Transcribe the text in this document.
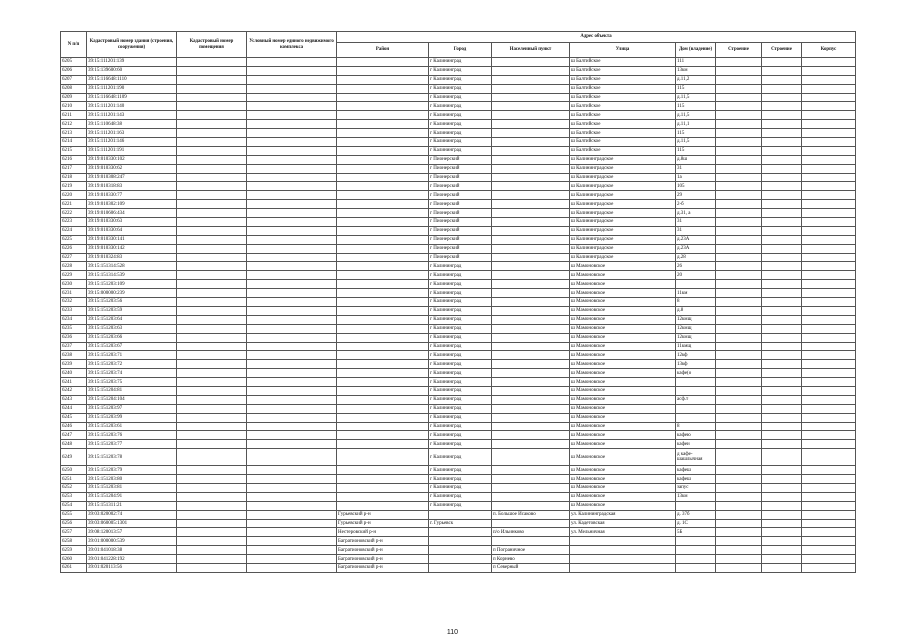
N п/п	Кадастровый номер здания (строения, сооружения)	Кадастровый номер помещения	Условный номер единого недвижимого комплекса	Адрес объекта							
				Район	Город	Населенный пункт	Улица	Дом (владение)	Строение	Строение	Корпус
6205	39:15:111201:139				г Калининград		ш Балтийское	111			
6206	39:15:139600:60				г Калининград		ш Балтийское	13км			
6207	39:15:116648:1110				г Калининград		ш Балтийское	д.11,2			
6208	39:15:111201:190				г Калининград		ш Балтийское	115			
6209	39:15:116648:1109				г Калининград		ш Балтийское	д.11,5			
6210	39:15:111201:140				г Калининград		ш Балтийское	115			
6211	39:15:111201:143				г Калининград		ш Балтийское	д.11,5			
6212	39:15:110648:38				г Калининград		ш Балтийское	д.11,1			
6213	39:15:111201:163				г Калининград		ш Балтийское	115			
6214	39:15:111201:146				г Калининград		ш Балтийское	д.11,5			
6215	39:15:111201:191				г Калининград		ш Балтийское	115			
6216	39:19:010330:102				г Пионерский		ш Калининградское	д.8ш			
6217	39:19:010330:62				г Пионерский		ш Калининградское	31			
6218	39:19:010308:247				г Пионерский		ш Калининградское	1а			
6219	39:19:010318:83				г Пионерский		ш Калининградское	105			
6220	39:19:010330:77				г Пионерский		ш Калининградское	29			
6221	39:19:010302:109				г Пионерский		ш Калининградское	2-б			
6222	39:19:010606:434				г Пионерский		ш Калининградское	д.31, а			
6223	39:19:010330:63				г Пионерский		ш Калининградское	31			
6224	39:19:010330:64				г Пионерский		ш Калининградское	31			
6225	39:19:010330:141				г Пионерский		ш Калининградское	д.23А			
6226	39:19:010330:142				г Пионерский		ш Калининградское	д.23А			
6227	39:19:010324:83				г Пионерский		ш Калининградское	д.28			
6228	39:15:151314:528				г Калининград		ш Мамоновское	26			
6229	39:15:151314:539				г Калининград		ш Мамоновское	20			
6230	39:15:151203:109				г Калининград		ш Мамоновское				
6231	39:15:000000:239				г Калининград		ш Мамоновское	11км			
6232	39:15:151203:56				г Калининград		ш Мамоновское	8			
6233	39:15:151203:59				г Калининград		ш Мамоновское	д.8			
6234	39:15:151203:64				г Калининград		ш Мамоновское	12кмщ			
6235	39:15:151203:63				г Калининград		ш Мамоновское	12кмщ			
6236	39:15:151203:66				г Калининград		ш Мамоновское	12кмщ			
6237	39:15:151203:67				г Калининград		ш Мамоновское	11кмщ			
6238	39:15:151203:71				г Калининград		ш Мамоновское	12кф			
6239	39:15:151203:72				г Калининград		ш Мамоновское	13кф			
6240	39:15:151203:74				г Калининград		ш Мамоновское	кафе(о			
6241	39:15:151203:75				г Калининград		ш Мамоновское				
6242	39:15:151204:81				г Калининград		ш Мамоновское				
6243	39:15:151204:104				г Калининград		ш Мамоновское	асф.т			
6244	39:15:151203:97				г Калининград		ш Мамоновское				
6245	39:15:151203:99				г Калининград		ш Мамоновское				
6246	39:15:151203:61				г Калининград		ш Мамоновское	8			
6247	39:15:151203:76				г Калининград		ш Мамоновское	кафею			
6248	39:15:151203:77				г Калининград		ш Мамоновское	кафеи			
6249	39:15:151203:78				г Калининград		ш Мамоновское	д кафе-шашлычная			
6250	39:15:151203:79				г Калининград		ш Мамоновское	кафеш			
6251	39:15:151203:80				г Калининград		ш Мамоновское	кафеш			
6252	39:15:151203:81				г Калининград		ш Мамоновское	запус			
6253	39:15:151204:91				г Калининград		ш Мамоновское	13км			
6254	39:15:151311:21				г Калининград		ш Мамоновское				
6255	39:03:020002:74			Гурьевский р-н		п. Большое Исаково	ул. Калининградская	д. 37б			
6256	39:03:060005:1301			Гурьевский р-н	г. Гурьевск		ул. Кадетовская	д. 1С			
6257	39:08:120013:57			Нестеровский р-н		п/о Ильинково	ул. Мельничная	5Б			
6258	39:01:000000:539			Багратионовский р-н							
6259	39:01:041018:38			Багратионовский р-н		п Пограничное					
6260	39:01:041228:192			Багратионовский р-н		п Корнево					
6261	39:01:020113:56			Багратионовский р-н		п Северный					
110
